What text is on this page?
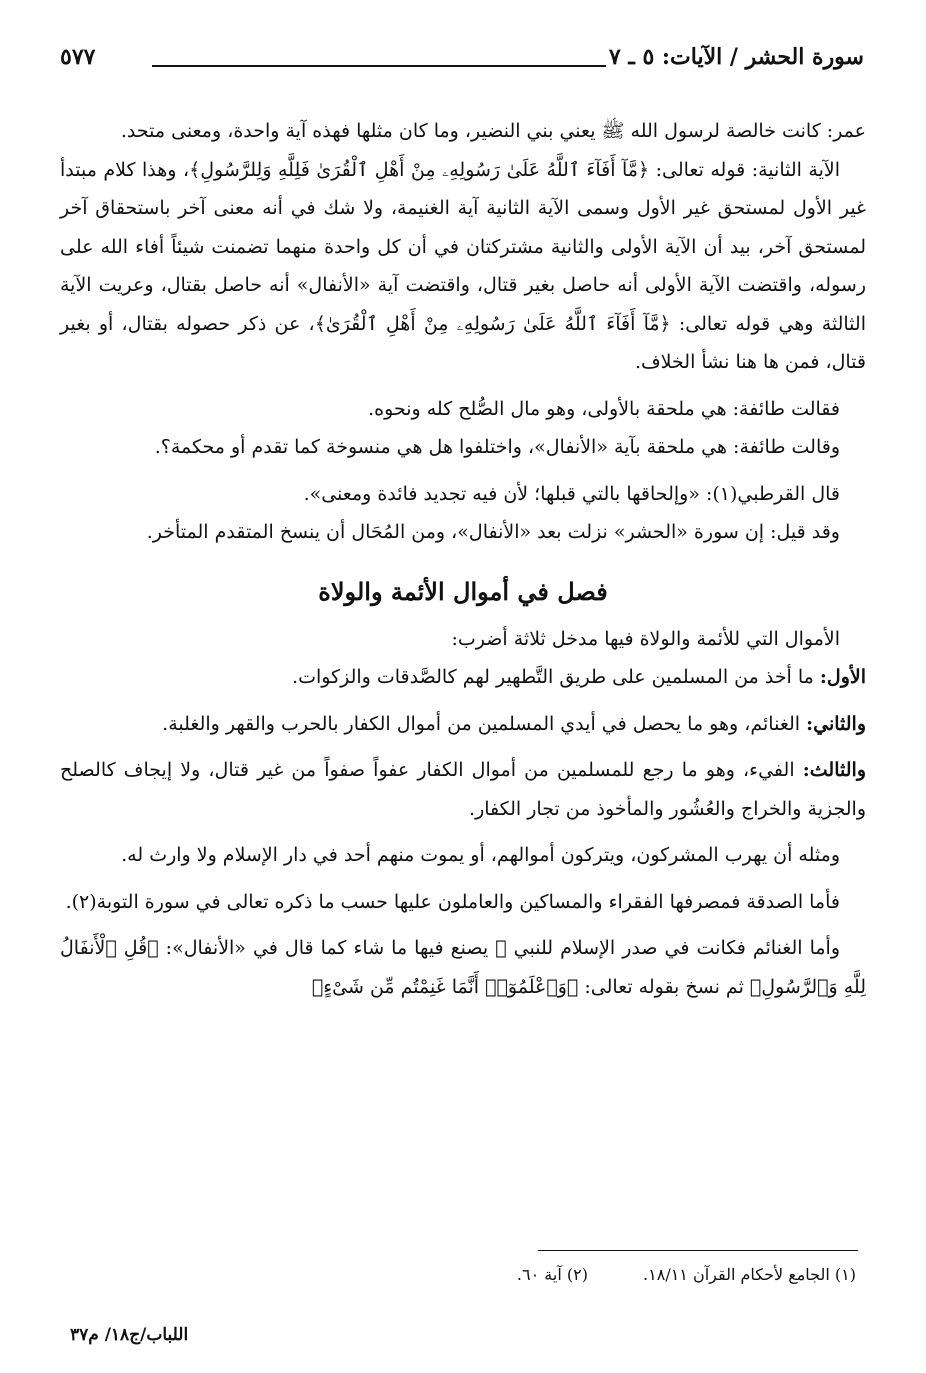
سورة الحشر / الآيات: ٥ ـ ٧
٥٧٧

عمر: كانت خالصة لرسول الله ﷺ يعني بني النضير، وما كان مثلها فهذه آية واحدة، ومعنى متحد.

الآية الثانية: قوله تعالى: ﴿مَّآ أَفَآءَ ٱللَّهُ عَلَىٰ رَسُولِهِۦ مِنْ أَهْلِ ٱلْقُرَىٰ فَلِلَّهِ وَلِلرَّسُولِ﴾، وهذا كلام مبتدأ غير الأول لمستحق غير الأول وسمى الآية الثانية آية الغنيمة، ولا شك في أنه معنى آخر باستحقاق آخر لمستحق آخر، بيد أن الآية الأولى والثانية مشتركتان في أن كل واحدة منهما تضمنت شيئاً أفاء الله على رسوله، واقتضت الآية الأولى أنه حاصل بغير قتال، واقتضت آية «الأنفال» أنه حاصل بقتال، وعريت الآية الثالثة وهي قوله تعالى: ﴿مَّآ أَفَآءَ ٱللَّهُ عَلَىٰ رَسُولِهِۦ مِنْ أَهْلِ ٱلْقُرَىٰ﴾، عن ذكر حصوله بقتال، أو بغير قتال، فمن ها هنا نشأ الخلاف.

فقالت طائفة: هي ملحقة بالأولى، وهو مال الصُّلح كله ونحوه.

وقالت طائفة: هي ملحقة بآية «الأنفال»، واختلفوا هل هي منسوخة كما تقدم أو محكمة؟.

قال القرطبي(١): «وإلحاقها بالتي قبلها؛ لأن فيه تجديد فائدة ومعنى».

وقد قيل: إن سورة «الحشر» نزلت بعد «الأنفال»، ومن المُحَال أن ينسخ المتقدم المتأخر.

فصل في أموال الأئمة والولاة

الأموال التي للأئمة والولاة فيها مدخل ثلاثة أضرب:

الأول: ما أخذ من المسلمين على طريق التَّطهير لهم كالصَّدقات والزكوات.

والثاني: الغنائم، وهو ما يحصل في أيدي المسلمين من أموال الكفار بالحرب والقهر والغلبة.

والثالث: الفيء، وهو ما رجع للمسلمين من أموال الكفار عفواً صفواً من غير قتال، ولا إيجاف كالصلح والجزية والخراج والعُشُور والمأخوذ من تجار الكفار.

ومثله أن يهرب المشركون، ويتركون أموالهم، أو يموت منهم أحد في دار الإسلام ولا وارث له.

فأما الصدقة فمصرفها الفقراء والمساكين والعاملون عليها حسب ما ذكره تعالى في سورة التوبة(٢).

وأما الغنائم فكانت في صدر الإسلام للنبي ﷺ يصنع فيها ما شاء كما قال في «الأنفال»: ﴿قُلِ ٱلْأَنفَالُ لِلَّهِ وَٱلرَّسُولِ﴾ ثم نسخ بقوله تعالى: ﴿وَٱعْلَمُوٓا۟ أَنَّمَا غَنِمْتُم مِّن شَىْءٍ﴾

(١) الجامع لأحكام القرآن ١٨/١١. (٢) آية ٦٠.
اللباب/ج١٨/ م٣٧
